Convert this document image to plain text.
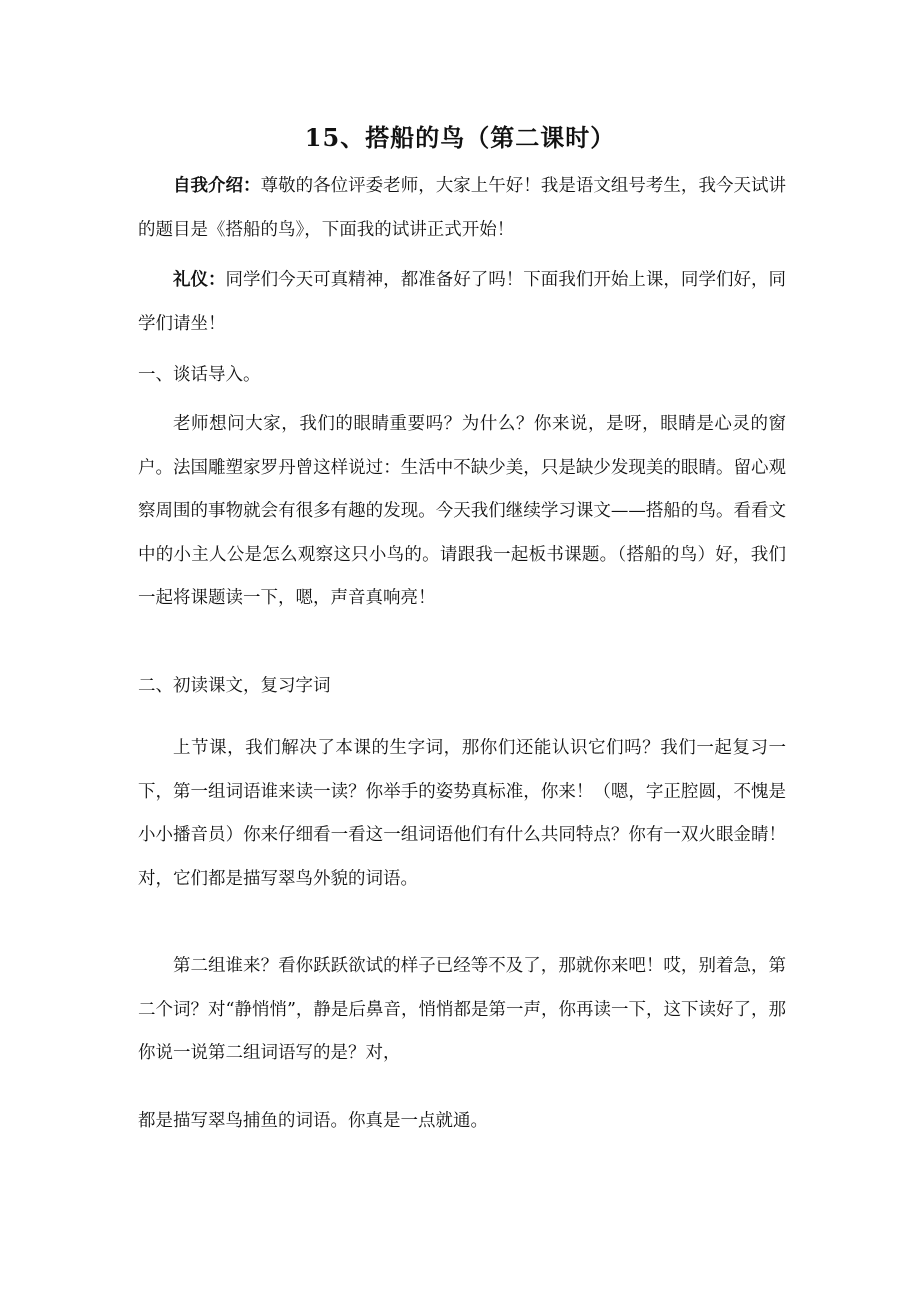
15、搭船的鸟（第二课时）
自我介绍：尊敬的各位评委老师，大家上午好！我是语文组号考生，我今天试讲的题目是《搭船的鸟》，下面我的试讲正式开始！
礼仪：同学们今天可真精神，都准备好了吗！下面我们开始上课，同学们好，同学们请坐！
一、谈话导入。
老师想问大家，我们的眼睛重要吗？为什么？你来说，是呀，眼睛是心灵的窗户。法国雕塑家罗丹曾这样说过：生活中不缺少美，只是缺少发现美的眼睛。留心观察周围的事物就会有很多有趣的发现。今天我们继续学习课文——搭船的鸟。看看文中的小主人公是怎么观察这只小鸟的。请跟我一起板书课题。（搭船的鸟）好，我们一起将课题读一下，嗯，声音真响亮！
二、初读课文，复习字词
上节课，我们解决了本课的生字词，那你们还能认识它们吗？我们一起复习一下，第一组词语谁来读一读？你举手的姿势真标准，你来！（嗯，字正腔圆，不愧是小小播音员）你来仔细看一看这一组词语他们有什么共同特点？你有一双火眼金睛！对，它们都是描写翠鸟外貌的词语。
第二组谁来？看你跃跃欲试的样子已经等不及了，那就你来吧！哎，别着急，第二个词？对“静悄悄”，静是后鼻音，悄悄都是第一声，你再读一下，这下读好了，那你说一说第二组词语写的是？对，
都是描写翠鸟捕鱼的词语。你真是一点就通。
